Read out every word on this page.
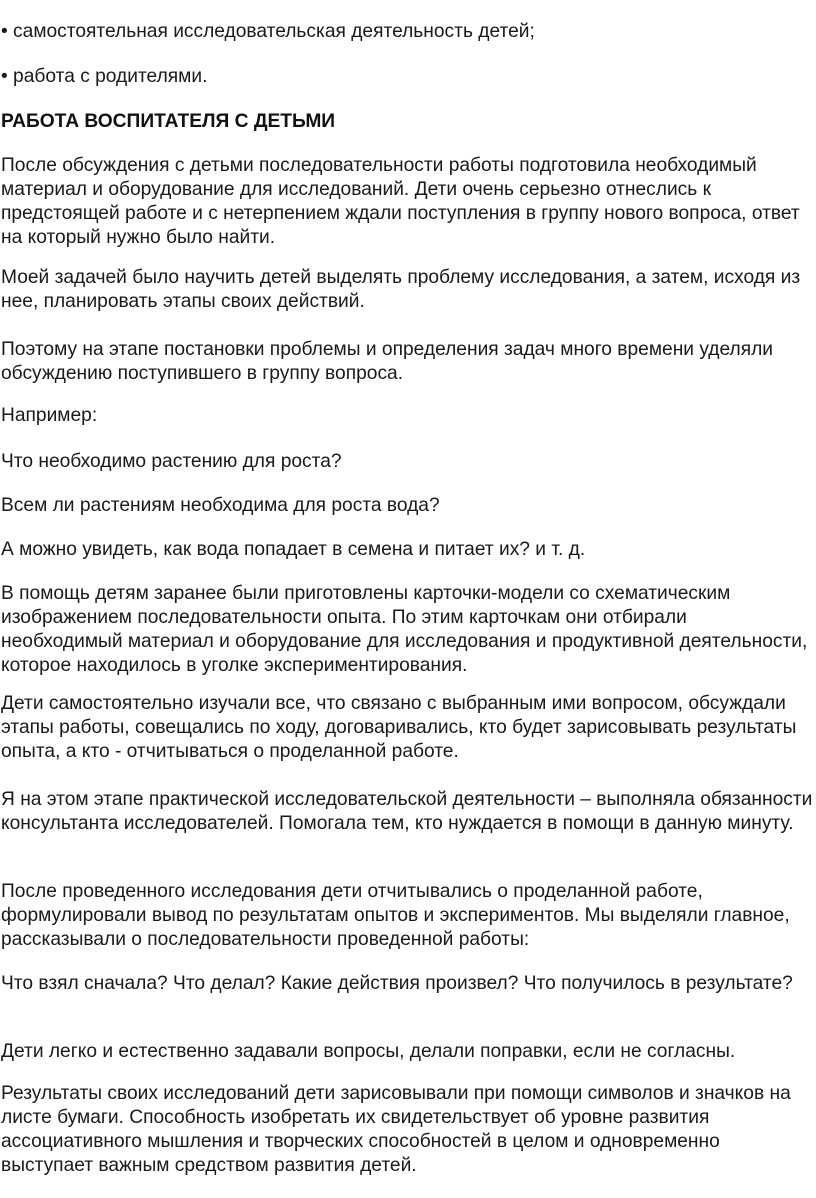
• самостоятельная исследовательская деятельность детей;

• работа с родителями.

РАБОТА ВОСПИТАТЕЛЯ С ДЕТЬМИ

После обсуждения с детьми последовательности работы подготовила необходимый материал и оборудование для исследований. Дети очень серьезно отнеслись к предстоящей работе и с нетерпением ждали поступления в группу нового вопроса, ответ на который нужно было найти.

Моей задачей было научить детей выделять проблему исследования, а затем, исходя из нее, планировать этапы своих действий.

Поэтому на этапе постановки проблемы и определения задач много времени уделяли обсуждению поступившего в группу вопроса.

Например:

Что необходимо растению для роста?

Всем ли растениям необходима для роста вода?

А можно увидеть, как вода попадает в семена и питает их? и т. д.

В помощь детям заранее были приготовлены карточки-модели со схематическим изображением последовательности опыта. По этим карточкам они отбирали необходимый материал и оборудование для исследования и продуктивной деятельности, которое находилось в уголке экспериментирования.

Дети самостоятельно изучали все, что связано с выбранным ими вопросом, обсуждали этапы работы, совещались по ходу, договаривались, кто будет зарисовывать результаты опыта, а кто - отчитываться о проделанной работе.

Я на этом этапе практической исследовательской деятельности – выполняла обязанности консультанта исследователей. Помогала тем, кто нуждается в помощи в данную минуту.

После проведенного исследования дети отчитывались о проделанной работе, формулировали вывод по результатам опытов и экспериментов. Мы выделяли главное, рассказывали о последовательности проведенной работы:

Что взял сначала? Что делал? Какие действия произвел? Что получилось в результате?

Дети легко и естественно задавали вопросы, делали поправки, если не согласны.

Результаты своих исследований дети зарисовывали при помощи символов и значков на листе бумаги. Способность изобретать их свидетельствует об уровне развития ассоциативного мышления и творческих способностей в целом и одновременно выступает важным средством развития детей.
